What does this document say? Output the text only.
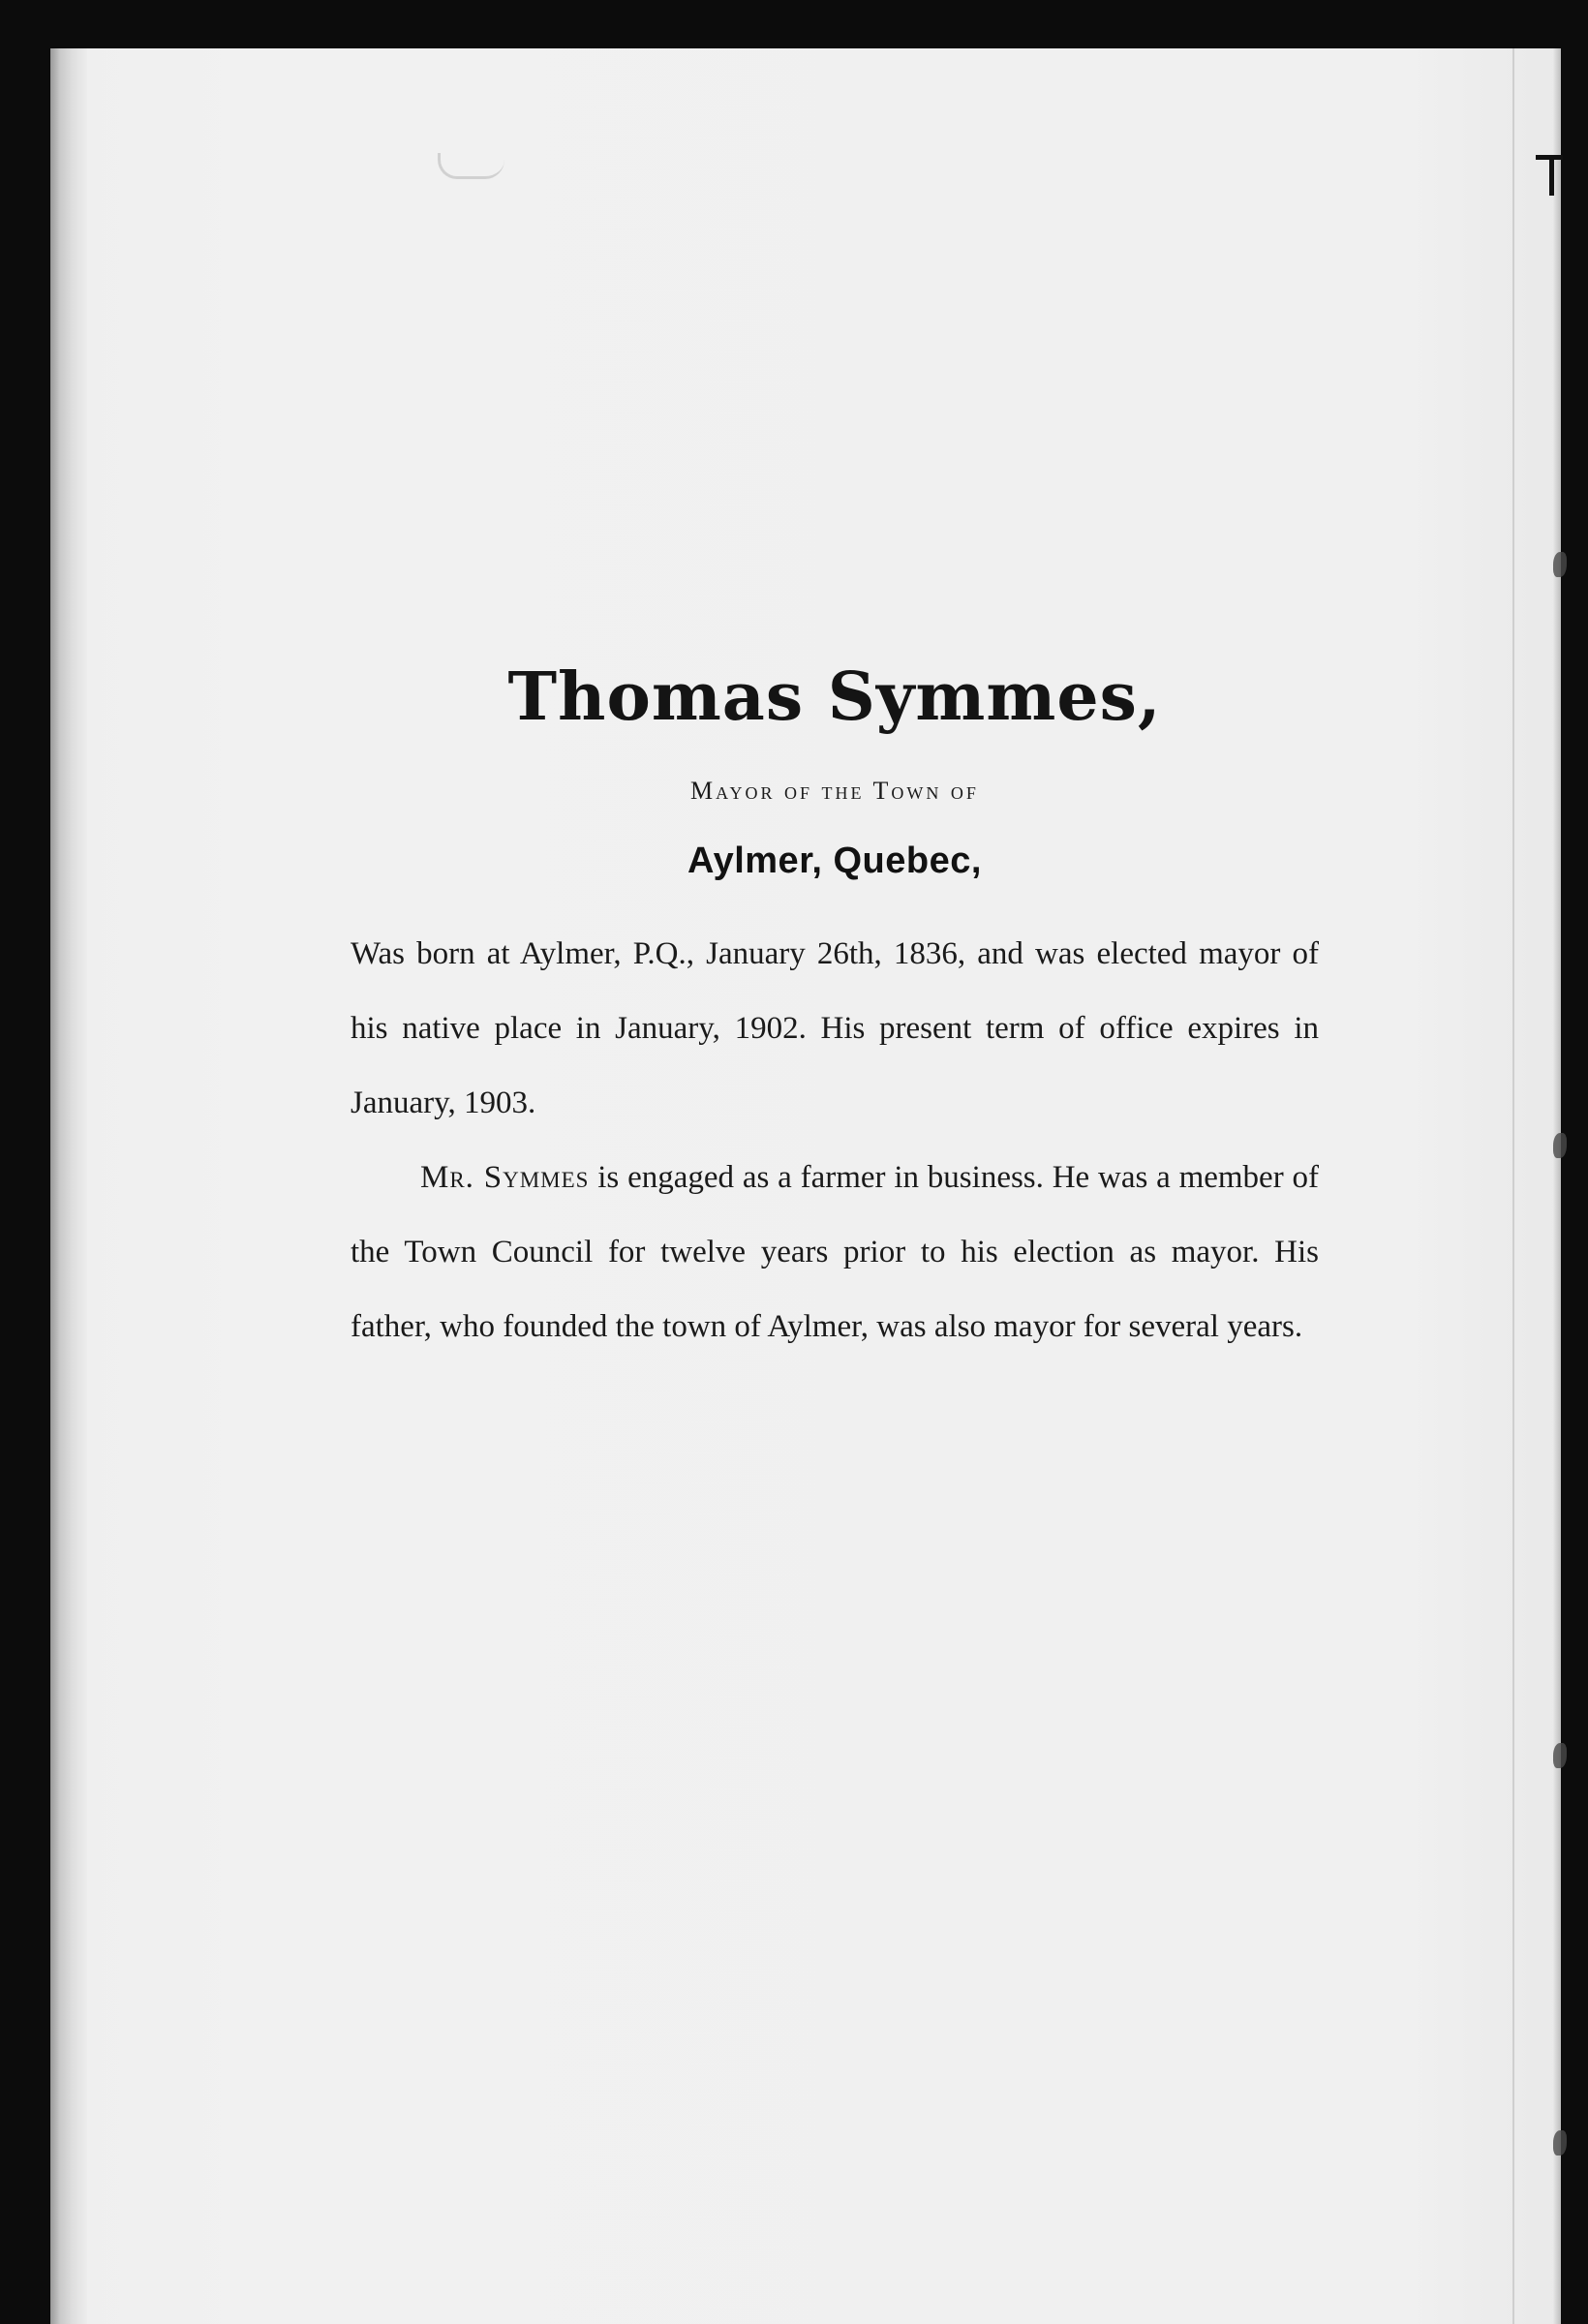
Thomas Symmes,
Mayor of the Town of
Aylmer, Quebec,

Was born at Aylmer, P.Q., January 26th, 1836, and was elected mayor of his native place in January, 1902. His present term of office expires in January, 1903.

Mr. Symmes is engaged as a farmer in business. He was a member of the Town Council for twelve years prior to his election as mayor. His father, who founded the town of Aylmer, was also mayor for several years.
